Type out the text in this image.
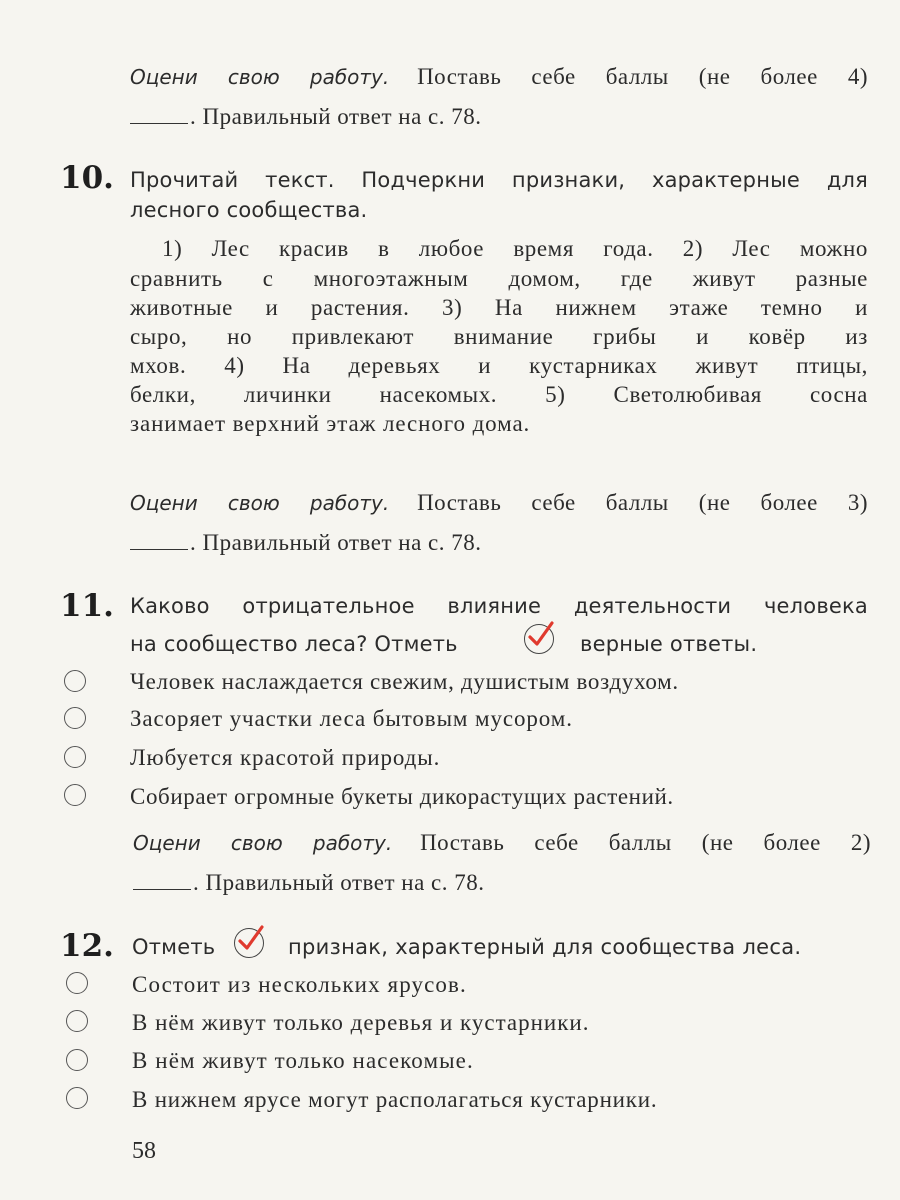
Оцени свою работу. Поставь себе баллы (не более 4)
. Правильный ответ на с. 78.
10. Прочитай текст. Подчеркни признаки, характерные для
лесного сообщества.
1) Лес красив в любое время года. 2) Лес можно
сравнить с многоэтажным домом, где живут разные
животные и растения. 3) На нижнем этаже темно и
сыро, но привлекают внимание грибы и ковёр из
мхов. 4) На деревьях и кустарниках живут птицы,
белки, личинки насекомых. 5) Светолюбивая сосна
занимает верхний этаж лесного дома.
Оцени свою работу. Поставь себе баллы (не более 3)
. Правильный ответ на с. 78.
11. Каково отрицательное влияние деятельности человека
на сообщество леса? Отметь	верные ответы.
Человек наслаждается свежим, душистым воздухом.
Засоряет участки леса бытовым мусором.
Любуется красотой природы.
Собирает огромные букеты дикорастущих растений.
Оцени свою работу. Поставь себе баллы (не более 2)
. Правильный ответ на с. 78.
12. Отметь	признак, характерный для сообщества леса.
Состоит из нескольких ярусов.
В нём живут только деревья и кустарники.
В нём живут только насекомые.
В нижнем ярусе могут располагаться кустарники.
58
